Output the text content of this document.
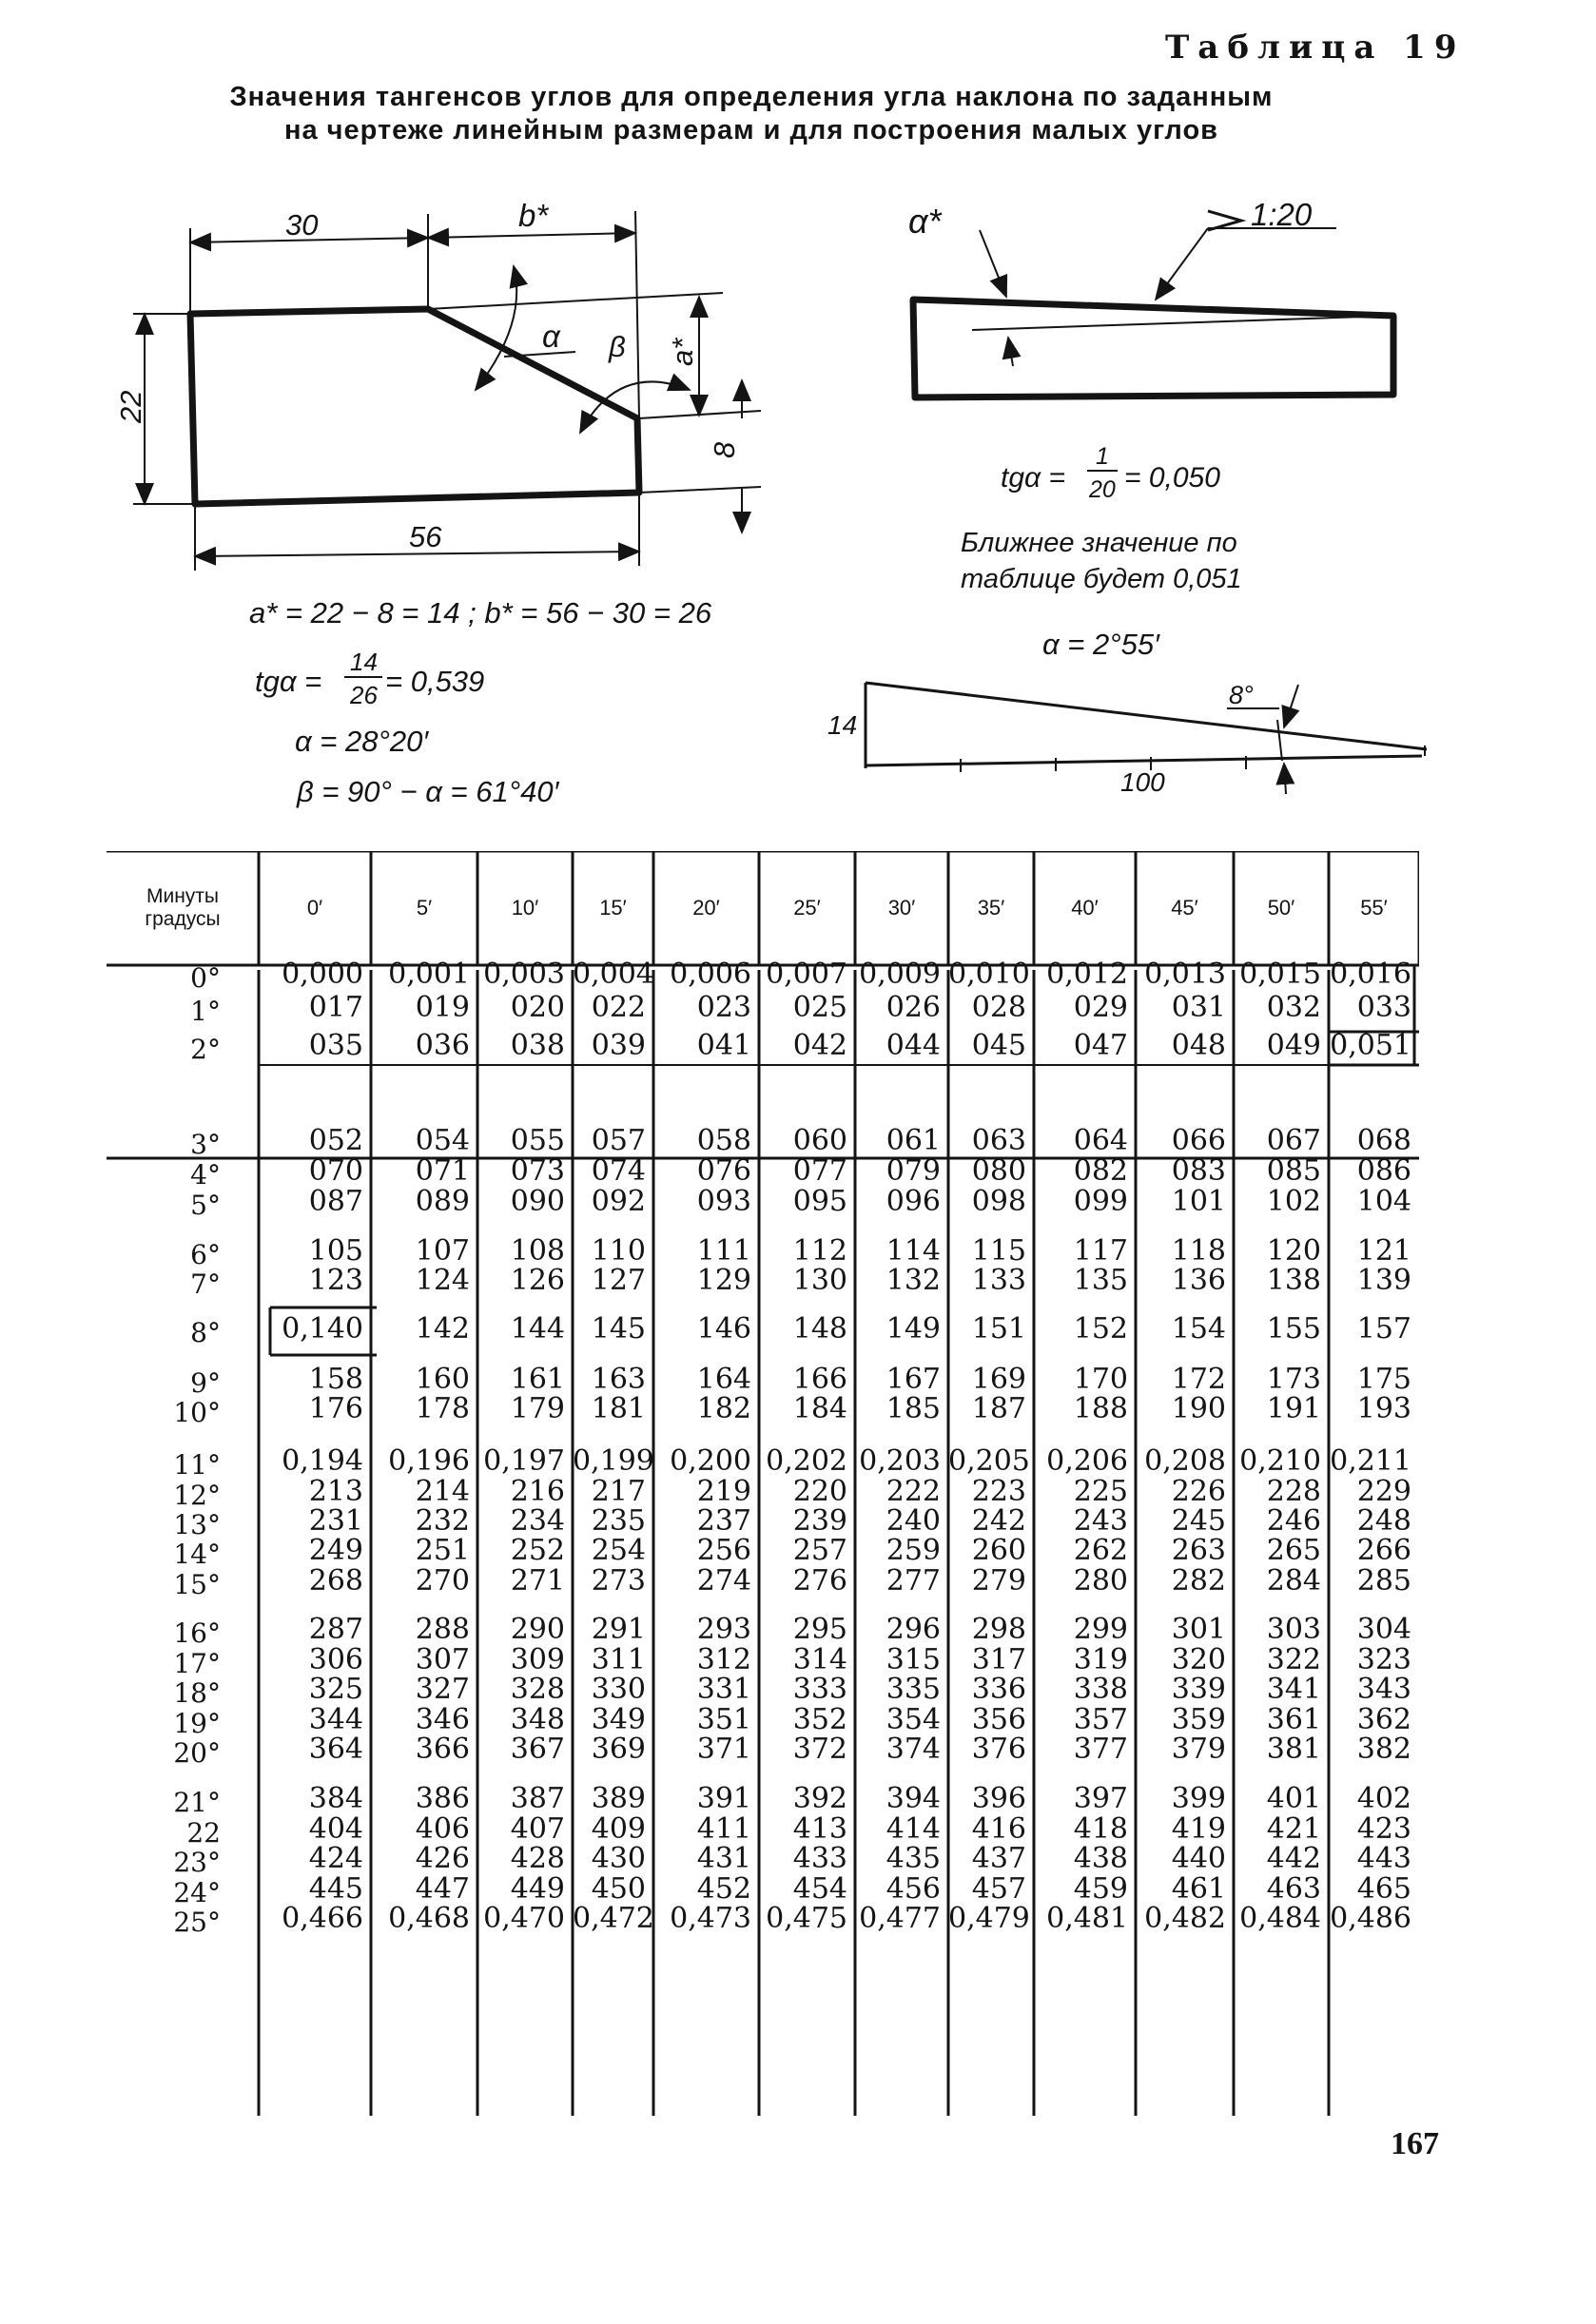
Таблица 19
Значения тангенсов углов для определения угла наклона по заданным
на чертеже линейным размерам и для построения малых углов
30	b*
22
8
56
a*
α β
a* = 22 − 8 = 14 ; b* = 56 − 30 = 26
tgα =
14
26 = 0,539
α = 28°20′
β = 90° − α = 61°40′
α*	1:20
tgα =
1
20 = 0,050
Ближнее значение по
таблице будет 0,051
α = 2°55′
14
100
8°
Минуты
градусы	0′	5′	10′	15′	20′	25′	30′	35′	40′	45′	50′	55′
0°	0,000 0,001 0,003 0,004 0,006 0,007 0,009 0,010 0,012 0,013 0,015 0,016
1°	017	019	020 022	023	025	026	028	029	031	032	033
2°	035	036	038 039	041	042	044	045	047	048	049 0,051
3°	052	054	055 057	058	060	061	063	064	066	067	068
4°	070	071	073 074	076	077	079	080	082	083	085	086
5°	087	089	090 092	093	095	096	098	099	101	102	104
6°	105	107	108 110	111	112	114	115	117	118	120	121
7°	123	124	126 127	129	130	132	133	135	136	138	139
8°	0,140	142	144 145	146	148	149	151	152	154	155	157
9°	158	160	161 163	164	166	167	169	170	172	173	175
10°	176	178	179 181	182	184	185	187	188	190	191	193
11°	0,194 0,196 0,197 0,199 0,200 0,202 0,203 0,205 0,206 0,208 0,210 0,211
12°	213	214	216 217	219	220	222	223	225	226	228	229
13°	231	232	234 235	237	239	240	242	243	245	246	248
14°	249	251	252 254	256	257	259	260	262	263	265	266
15°	268	270	271 273	274	276	277	279	280	282	284	285
16°	287	288	290 291	293	295	296	298	299	301	303	304
17°	306	307	309 311	312	314	315	317	319	320	322	323
18°	325	327	328 330	331	333	335	336	338	339	341	343
19°	344	346	348 349	351	352	354	356	357	359	361	362
20°	364	366	367 369	371	372	374	376	377	379	381	382
21°	384	386	387 389	391	392	394	396	397	399	401	402
22	404	406	407 409	411	413	414	416	418	419	421	423
23°	424	426	428 430	431	433	435	437	438	440	442	443
24°	445	447	449 450	452	454	456	457	459	461	463	465
25°	0,466 0,468 0,470 0,472 0,473 0,475 0,477 0,479 0,481 0,482 0,484 0,486
167
